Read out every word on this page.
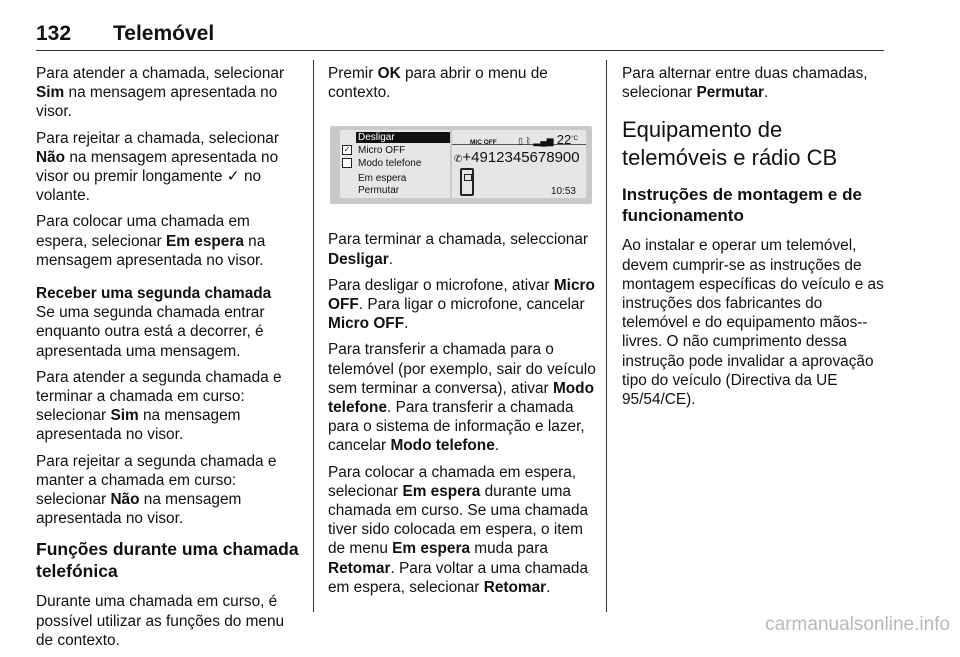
132 Telemóvel

Para atender a chamada, selecionar Sim na mensagem apresentada no visor.

Para rejeitar a chamada, selecionar Não na mensagem apresentada no visor ou premir longamente ✓ no volante.

Para colocar uma chamada em espera, selecionar Em espera na mensagem apresentada no visor.

Receber uma segunda chamada

Se uma segunda chamada entrar enquanto outra está a decorrer, é apresentada uma mensagem.

Para atender a segunda chamada e terminar a chamada em curso: selecionar Sim na mensagem apresentada no visor.

Para rejeitar a segunda chamada e manter a chamada em curso: selecionar Não na mensagem apresentada no visor.

Funções durante uma chamada telefónica

Durante uma chamada em curso, é possível utilizar as funções do menu de contexto.

Premir OK para abrir o menu de contexto.

Desligar
✓ Micro OFF
Modo telefone
Em espera
Permutar
MIC OFF ▯ ᛒ ▂▄▆ $22^{^\circ C}$
✆+4912345678900
10:53

Para terminar a chamada, seleccionar Desligar.

Para desligar o microfone, ativar Micro OFF. Para ligar o microfone, cancelar Micro OFF.

Para transferir a chamada para o telemóvel (por exemplo, sair do veículo sem terminar a conversa), ativar Modo telefone. Para transferir a chamada para o sistema de informação e lazer, cancelar Modo telefone.

Para colocar a chamada em espera, selecionar Em espera durante uma chamada em curso. Se uma chamada tiver sido colocada em espera, o item de menu Em espera muda para Retomar. Para voltar a uma chamada em espera, selecionar Retomar.

Para alternar entre duas chamadas, selecionar Permutar.

Equipamento de telemóveis e rádio CB
Instruções de montagem e de funcionamento

Ao instalar e operar um telemóvel, devem cumprir-se as instruções de montagem específicas do veículo e as instruções dos fabricantes do telemóvel e do equipamento mãos--livres. O não cumprimento dessa instrução pode invalidar a aprovação tipo do veículo (Directiva da UE 95/54/CE).

carmanualsonline.info
